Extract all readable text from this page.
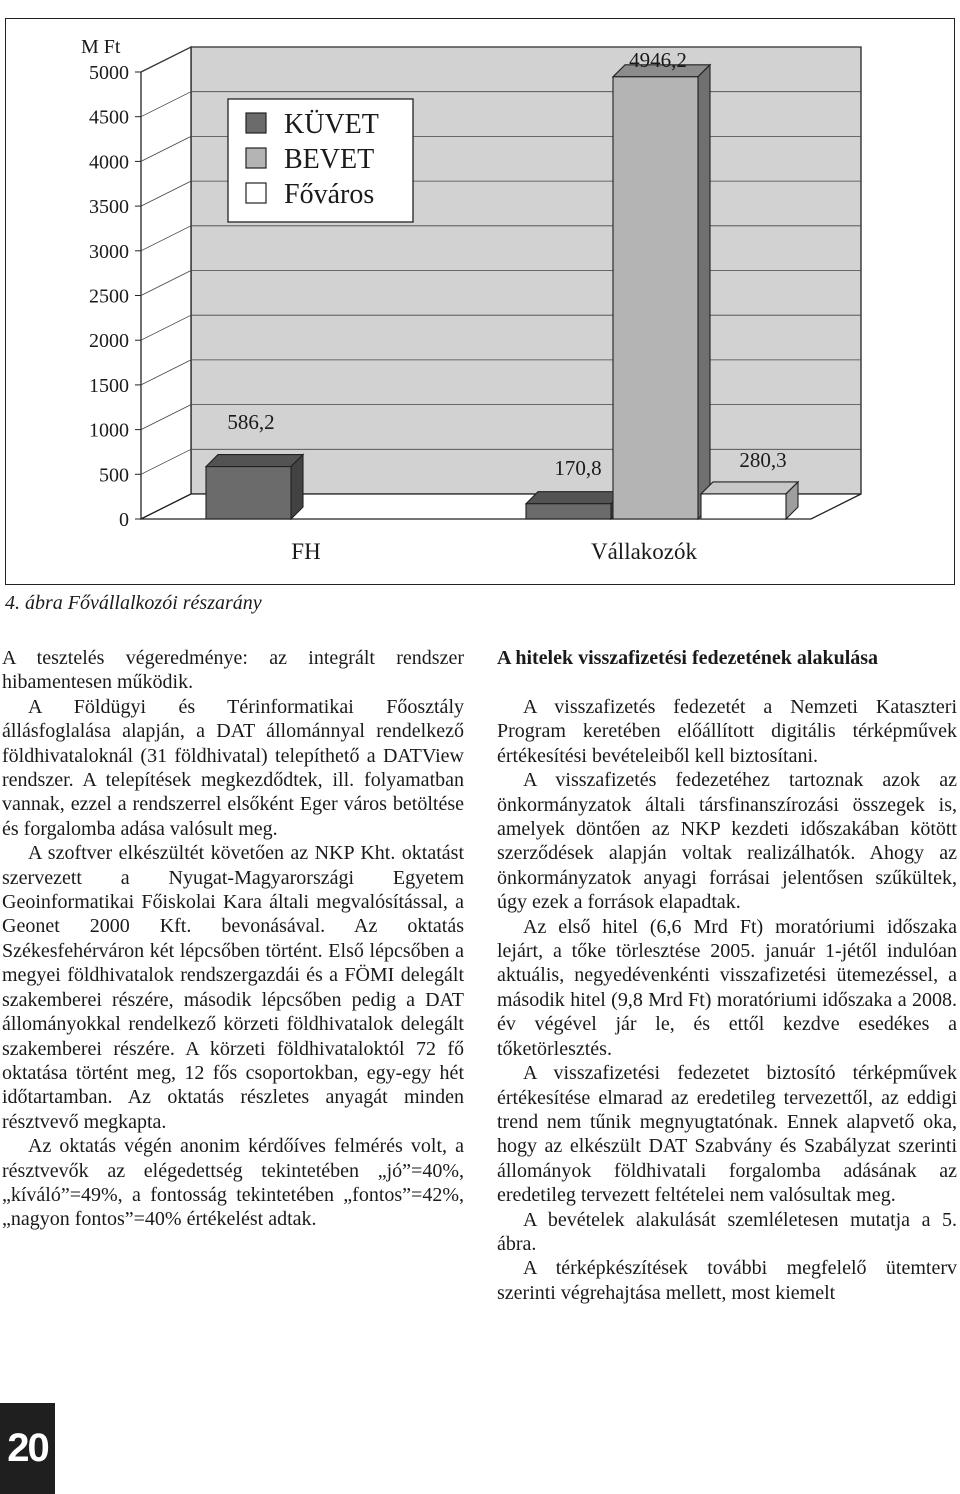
0
500
1000
1500
2000
2500
3000
3500
4000
4500
5000
M Ft
586,2
170,8
4946,2
280,3
FH	Vállakozók
KÜVET
BEVET
Főváros
4. ábra Fővállalkozói részarány

A tesztelés végeredménye: az integrált rendszer hibamentesen működik.

A Földügyi és Térinformatikai Főosztály állásfoglalása alapján, a DAT állománnyal rendelkező földhivataloknál (31 földhivatal) telepíthető a DATView rendszer. A telepítések megkezdődtek, ill. folyamatban vannak, ezzel a rendszerrel elsőként Eger város betöltése és forgalomba adása valósult meg.

A szoftver elkészültét követően az NKP Kht. oktatást szervezett a Nyugat-Magyarországi Egyetem Geoinformatikai Főiskolai Kara általi megvalósítással, a Geonet 2000 Kft. bevonásával. Az oktatás Székesfehérváron két lépcsőben történt. Első lépcsőben a megyei földhivatalok rendszergazdái és a FÖMI delegált szakemberei részére, második lépcsőben pedig a DAT állományokkal rendelkező körzeti földhivatalok delegált szakemberei részére. A körzeti földhivataloktól 72 fő oktatása történt meg, 12 fős csoportokban, egy-egy hét időtartamban. Az oktatás részletes anyagát minden résztvevő megkapta.

Az oktatás végén anonim kérdőíves felmérés volt, a résztvevők az elégedettség tekintetében „jó”=40%, „kíváló”=49%, a fontosság tekintetében „fontos”=42%, „nagyon fontos”=40% értékelést adtak.

A hitelek visszafizetési fedezetének alakulása

A visszafizetés fedezetét a Nemzeti Kataszteri Program keretében előállított digitális térképművek értékesítési bevételeiből kell biztosítani.

A visszafizetés fedezetéhez tartoznak azok az önkormányzatok általi társfinanszírozási összegek is, amelyek döntően az NKP kezdeti időszakában kötött szerződések alapján voltak realizálhatók. Ahogy az önkormányzatok anyagi forrásai jelentősen szűkültek, úgy ezek a források elapadtak.

Az első hitel (6,6 Mrd Ft) moratóriumi időszaka lejárt, a tőke törlesztése 2005. január 1-jétől indulóan aktuális, negyedévenkénti visszafizetési ütemezéssel, a második hitel (9,8 Mrd Ft) moratóriumi időszaka a 2008. év végével jár le, és ettől kezdve esedékes a tőketörlesztés.

A visszafizetési fedezetet biztosító térképművek értékesítése elmarad az eredetileg tervezettől, az eddigi trend nem tűnik megnyugtatónak. Ennek alapvető oka, hogy az elkészült DAT Szabvány és Szabályzat szerinti állományok földhivatali forgalomba adásának az eredetileg tervezett feltételei nem valósultak meg.

A bevételek alakulását szemléletesen mutatja a 5. ábra.

A térképkészítések további megfelelő ütemterv szerinti végrehajtása mellett, most kiemelt

20
